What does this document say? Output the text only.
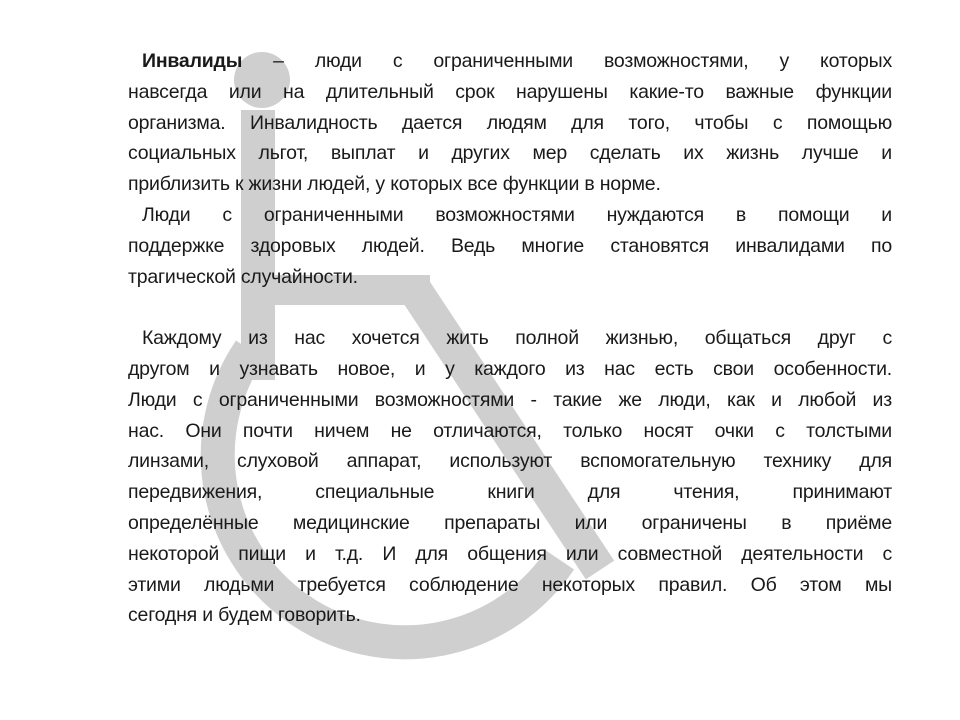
Инвалиды – люди с ограниченными возможностями, у которых
навсегда или на длительный срок нарушены какие-то важные функции
организма. Инвалидность дается людям для того, чтобы с помощью
социальных льгот, выплат и других мер сделать их жизнь лучше и
приблизить к жизни людей, у которых все функции в норме.
Люди с ограниченными возможностями нуждаются в помощи и
поддержке здоровых людей. Ведь многие становятся инвалидами по
трагической случайности.
Каждому из нас хочется жить полной жизнью, общаться друг с
другом и узнавать новое, и у каждого из нас есть свои особенности.
Люди с ограниченными возможностями - такие же люди, как и любой из
нас. Они почти ничем не отличаются, только носят очки с толстыми
линзами, слуховой аппарат, используют вспомогательную технику для
передвижения, специальные книги для чтения, принимают
определённые медицинские препараты или ограничены в приёме
некоторой пищи и т.д. И для общения или совместной деятельности с
этими людьми требуется соблюдение некоторых правил. Об этом мы
сегодня и будем говорить.
